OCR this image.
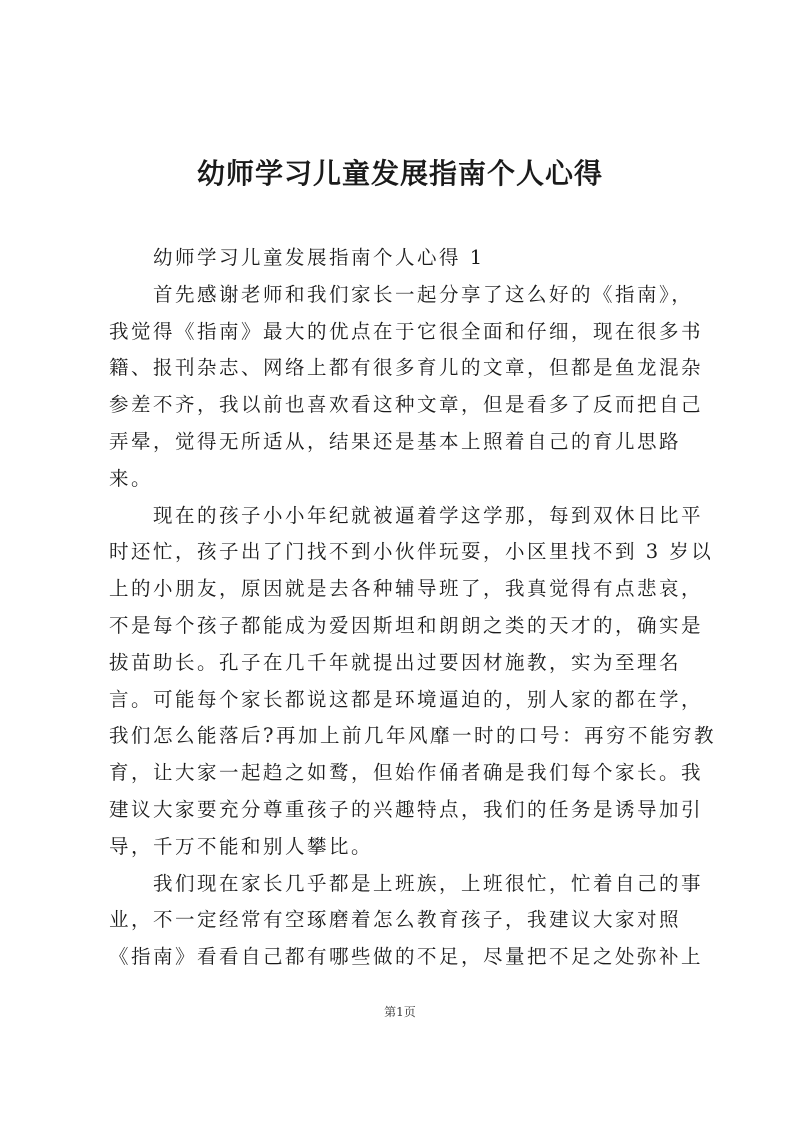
幼师学习儿童发展指南个人心得
幼师学习儿童发展指南个人心得 1
首先感谢老师和我们家长一起分享了这么好的《指南》，
我觉得《指南》最大的优点在于它很全面和仔细，现在很多书
籍、报刊杂志、网络上都有很多育儿的文章，但都是鱼龙混杂
参差不齐，我以前也喜欢看这种文章，但是看多了反而把自己
弄晕，觉得无所适从，结果还是基本上照着自己的育儿思路
来。
现在的孩子小小年纪就被逼着学这学那，每到双休日比平
时还忙，孩子出了门找不到小伙伴玩耍，小区里找不到 3 岁以
上的小朋友，原因就是去各种辅导班了，我真觉得有点悲哀，
不是每个孩子都能成为爱因斯坦和朗朗之类的天才的，确实是
拔苗助长。孔子在几千年就提出过要因材施教，实为至理名
言。可能每个家长都说这都是环境逼迫的，别人家的都在学，
我们怎么能落后?再加上前几年风靡一时的口号：再穷不能穷教
育，让大家一起趋之如鹜，但始作俑者确是我们每个家长。我
建议大家要充分尊重孩子的兴趣特点，我们的任务是诱导加引
导，千万不能和别人攀比。
我们现在家长几乎都是上班族，上班很忙，忙着自己的事
业，不一定经常有空琢磨着怎么教育孩子，我建议大家对照
《指南》看看自己都有哪些做的不足，尽量把不足之处弥补上
第1页
